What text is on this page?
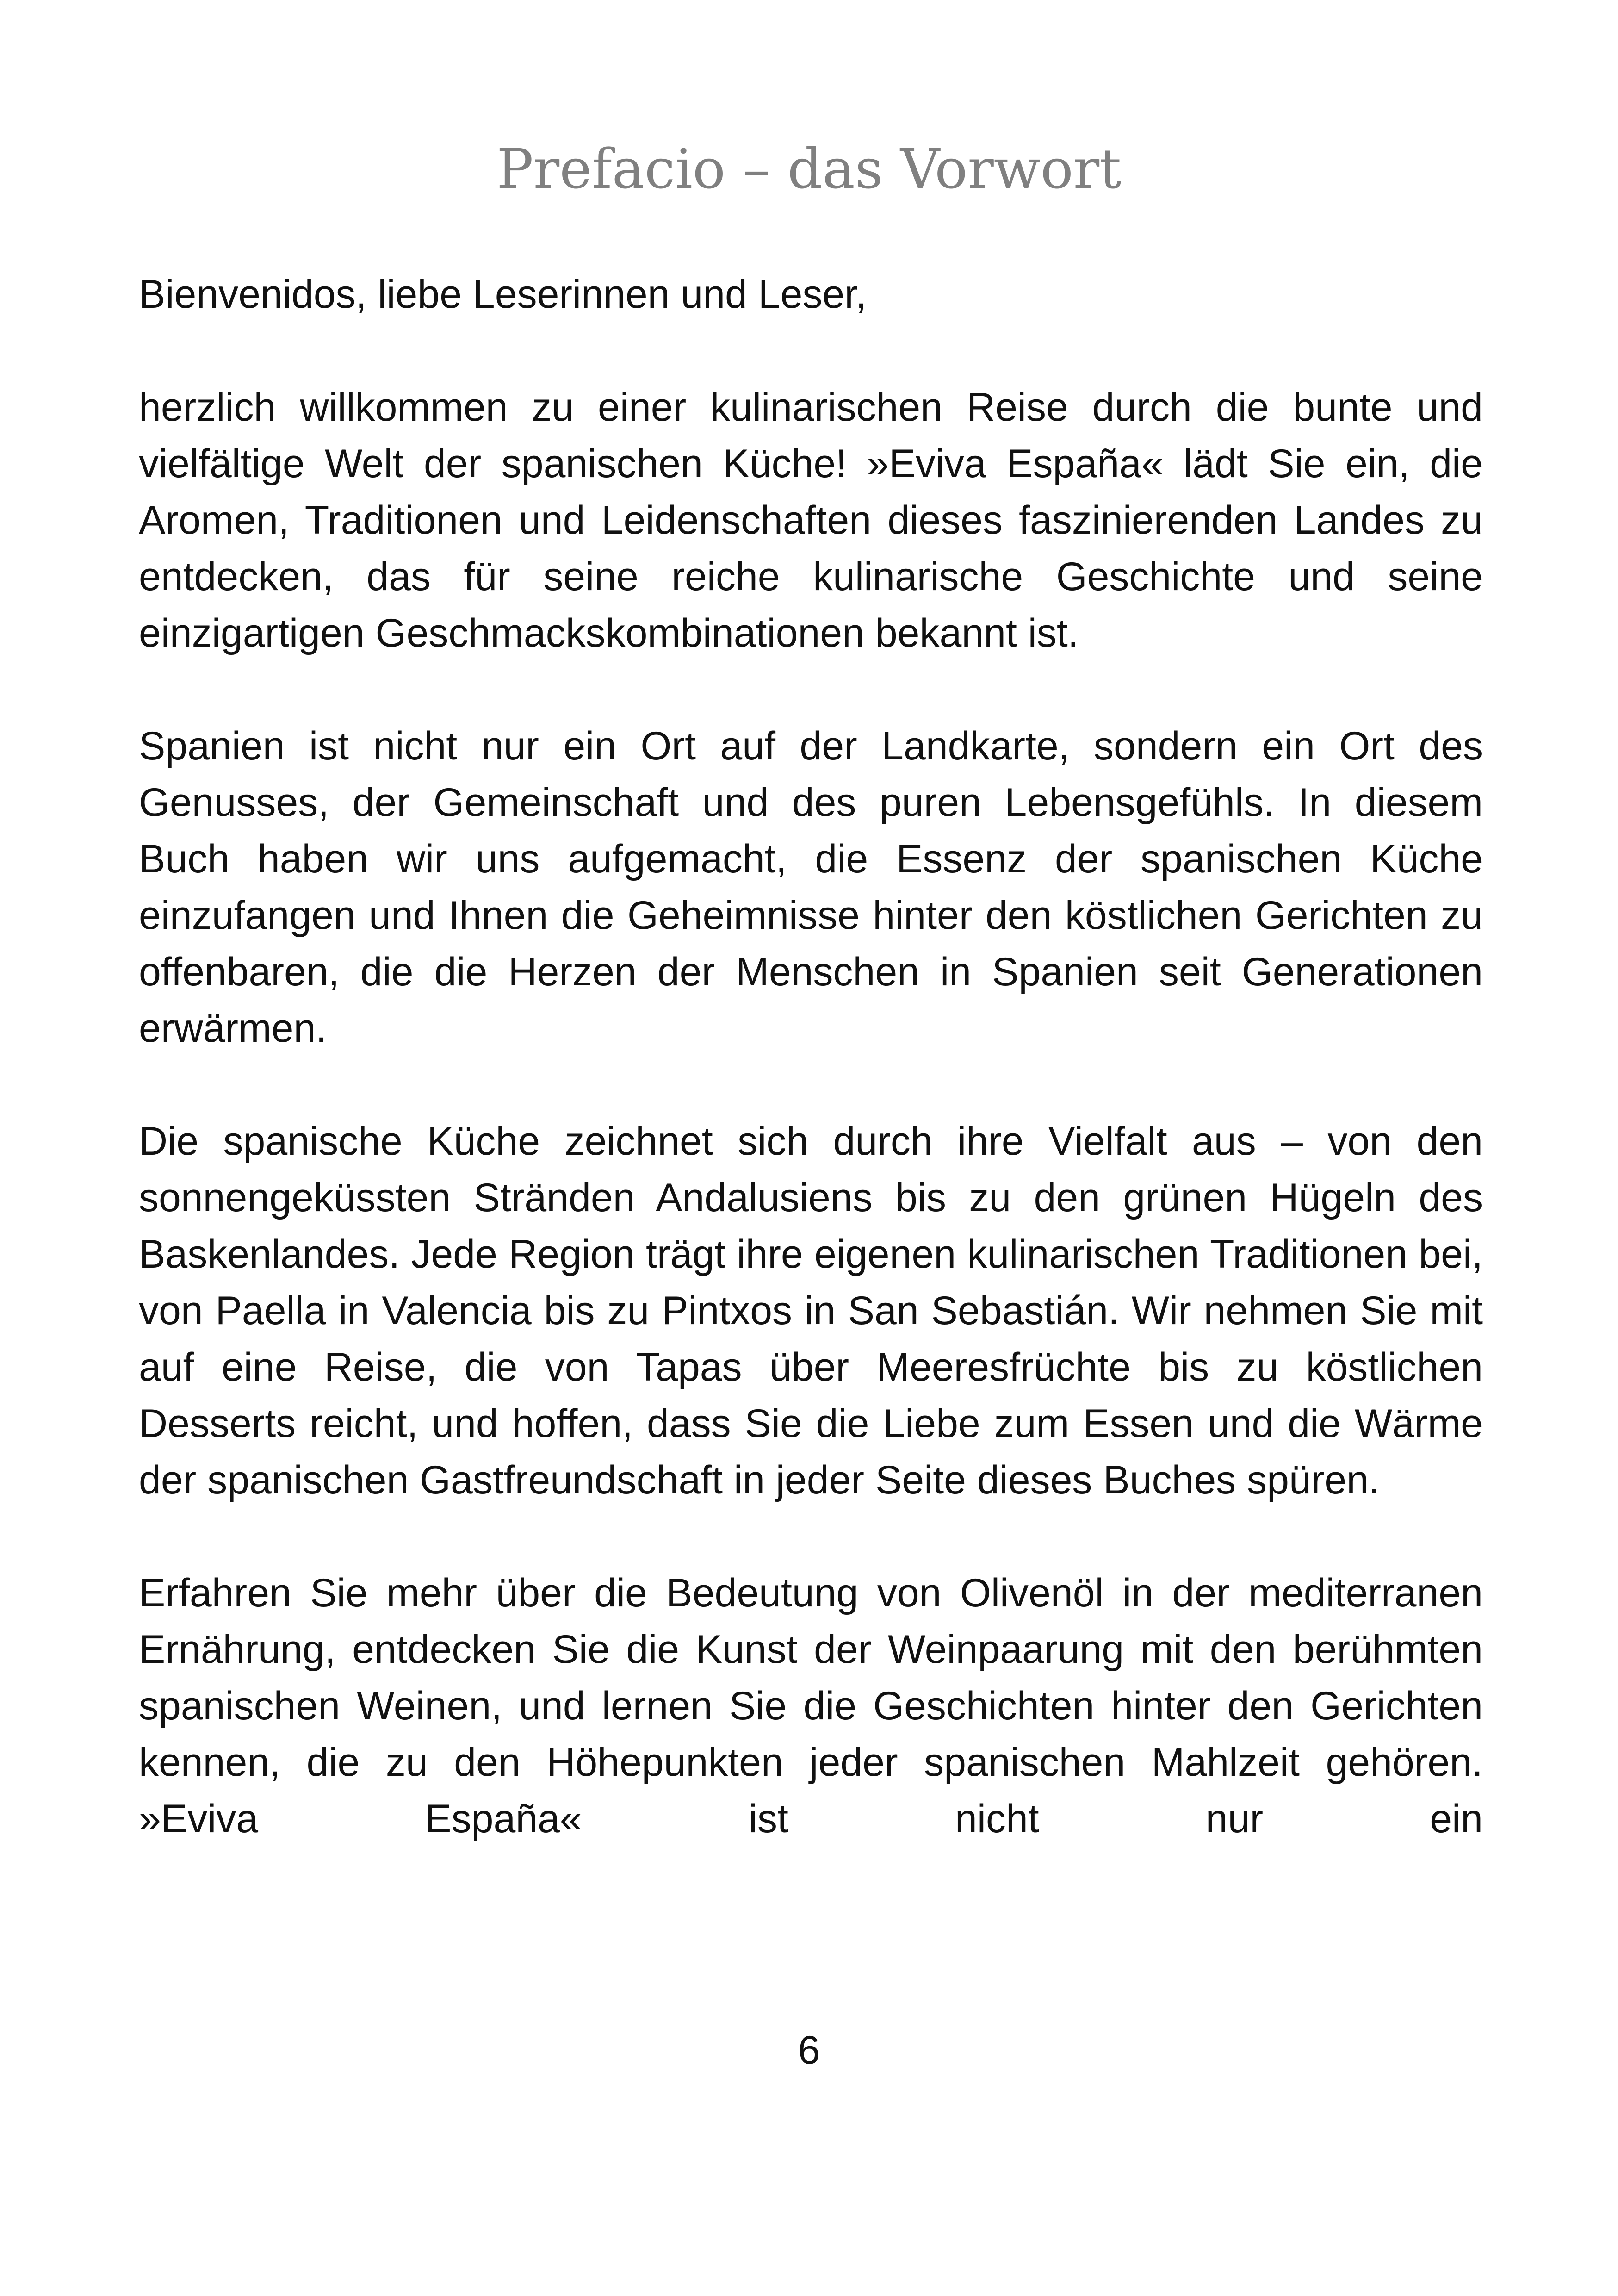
Prefacio – das Vorwort

Bienvenidos, liebe Leserinnen und Leser,

herzlich willkommen zu einer kulinarischen Reise durch die bunte und vielfältige Welt der spanischen Küche! »Eviva España« lädt Sie ein, die Aromen, Traditionen und Leidenschaften dieses faszinierenden Landes zu entdecken, das für seine reiche kulinarische Geschichte und seine einzigartigen Geschmackskombinationen bekannt ist.

Spanien ist nicht nur ein Ort auf der Landkarte, sondern ein Ort des Genusses, der Gemeinschaft und des puren Lebensgefühls. In diesem Buch haben wir uns aufgemacht, die Essenz der spanischen Küche einzufangen und Ihnen die Geheimnisse hinter den köstlichen Gerichten zu offenbaren, die die Herzen der Menschen in Spanien seit Generationen erwärmen.

Die spanische Küche zeichnet sich durch ihre Vielfalt aus – von den sonnengeküssten Stränden Andalusiens bis zu den grünen Hügeln des Baskenlandes. Jede Region trägt ihre eigenen kulinarischen Traditionen bei, von Paella in Valencia bis zu Pintxos in San Sebastián. Wir nehmen Sie mit auf eine Reise, die von Tapas über Meeresfrüchte bis zu köstlichen Desserts reicht, und hoffen, dass Sie die Liebe zum Essen und die Wärme der spanischen Gastfreundschaft in jeder Seite dieses Buches spüren.

Erfahren Sie mehr über die Bedeutung von Olivenöl in der mediterranen Ernährung, entdecken Sie die Kunst der Weinpaarung mit den berühmten spanischen Weinen, und lernen Sie die Geschichten hinter den Gerichten kennen, die zu den Höhepunkten jeder spanischen Mahlzeit gehören. »Eviva España« ist nicht nur ein

6
